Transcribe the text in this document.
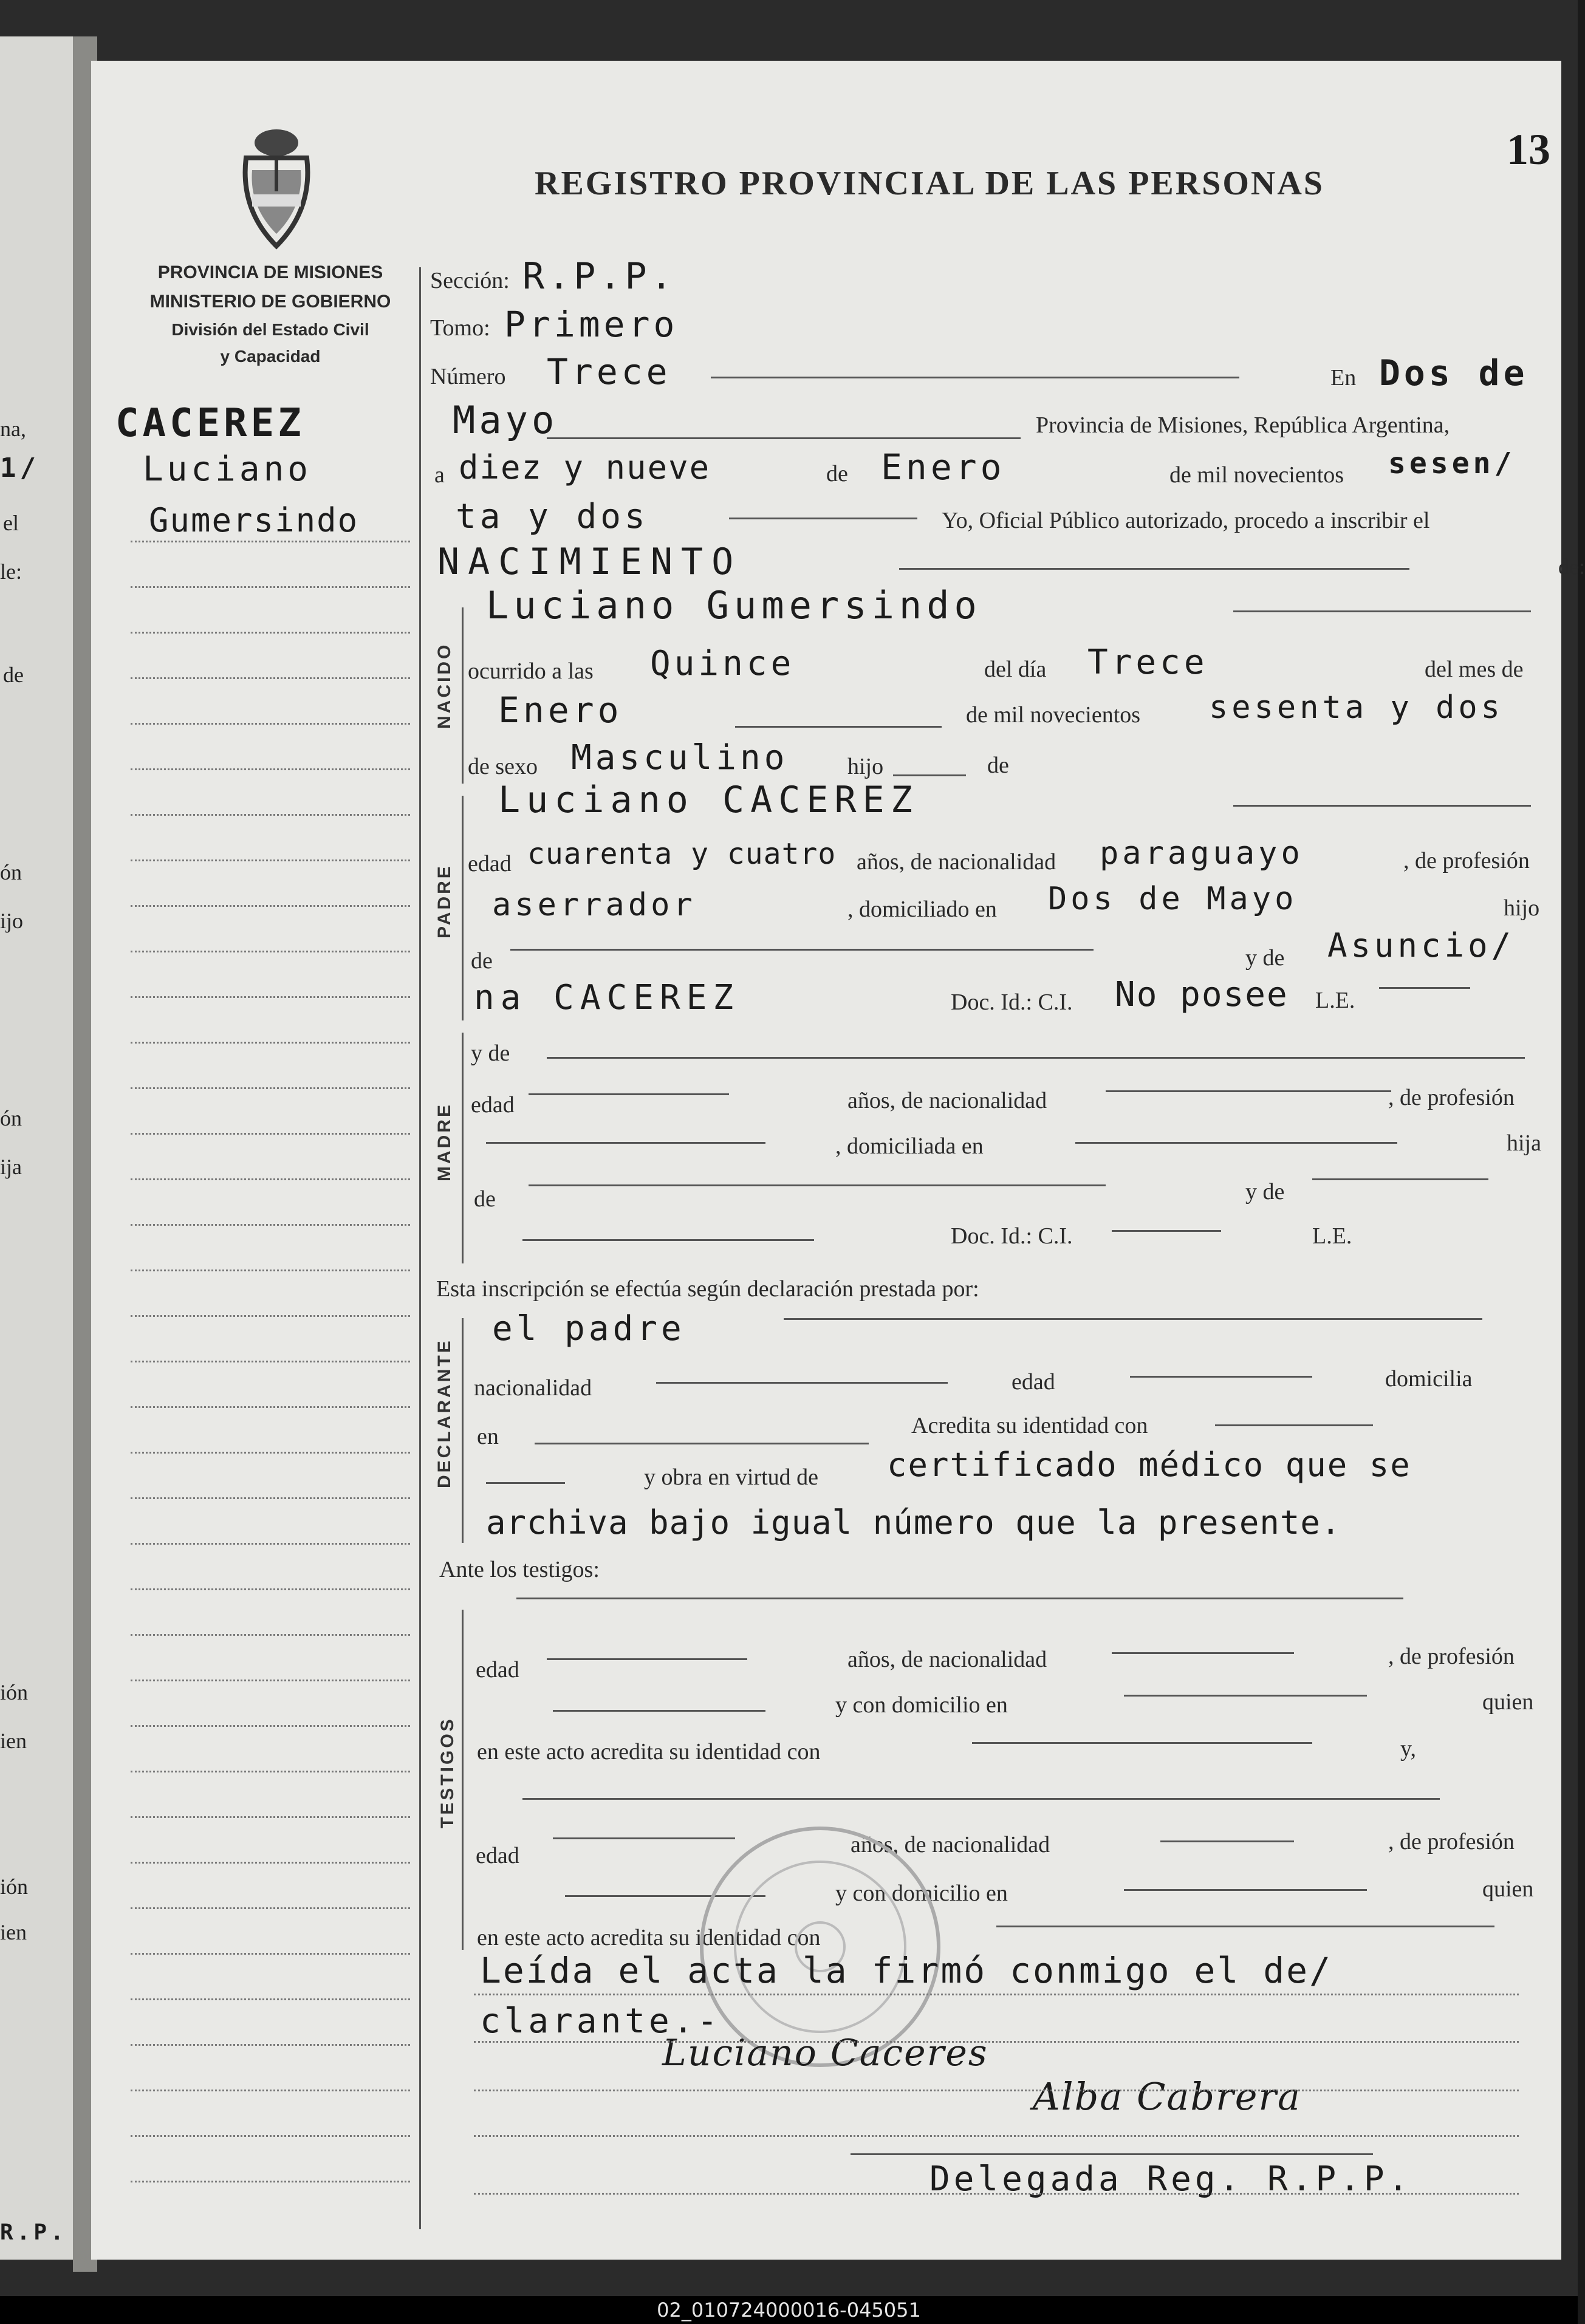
na,
1/
el
le:
de
ón
ijo
ón
ija
ión
ien
ión
ien
R.P.
13
REGISTRO PROVINCIAL DE LAS PERSONAS
PROVINCIA DE MISIONES
MINISTERIO DE GOBIERNO
División del Estado Civil
y Capacidad
CACEREZ
Luciano
Gumersindo
Sección: R.P.P.
Tomo: Primero
Número Trece	En Dos de
Mayo	Provincia de Misiones, República Argentina,
a diez y nueve	de Enero	de mil novecientos sesen/
ta y dos	Yo, Oficial Público autorizado, procedo a inscribir el
NACIMIENTO	de:
NACIDO
Luciano Gumersindo
ocurrido a las Quince	del día Trece	del mes de
Enero	de mil novecientos sesenta y dos
de sexo Masculino	hijo	de
PADRE
Luciano CACEREZ
edad cuarenta y cuatro años, de nacionalidad paraguayo	, de profesión
aserrador	, domiciliado en Dos de Mayo	hijo
de	y de Asuncio/
na CACEREZ	Doc. Id.: C.I. No posee L.E.
MADRE
y de
edad	años, de nacionalidad	, de profesión
, domiciliada en	hija
de	y de
Doc. Id.: C.I.	L.E.
Esta inscripción se efectúa según declaración prestada por:
DECLARANTE
el padre
nacionalidad	edad	domicilia
en	Acredita su identidad con
y obra en virtud de certificado médico que se
archiva bajo igual número que la presente.
Ante los testigos:
TESTIGOS
edad	años, de nacionalidad	, de profesión
y con domicilio en	quien
en este acto acredita su identidad con	y,
edad	años, de nacionalidad	, de profesión
y con domicilio en	quien
en este acto acredita su identidad con
Leída el acta la firmó conmigo el de/
clarante.-
Luciano Caceres
Alba Cabrera
Delegada Reg. R.P.P.
02_010724000016-045051
